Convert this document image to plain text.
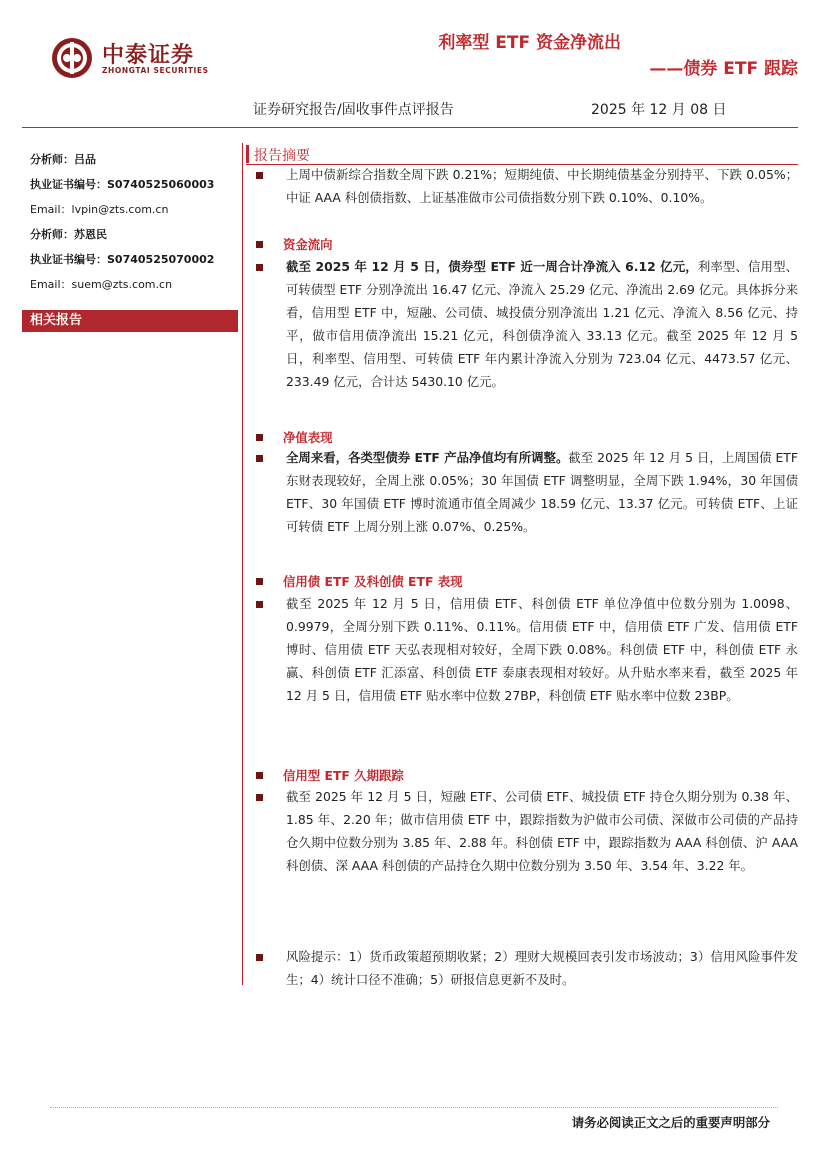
中泰证券
ZHONGTAI SECURITIES
利率型 ETF 资金净流出
——债券 ETF 跟踪
证券研究报告/固收事件点评报告	2025 年 12 月 08 日
分析师：吕品
执业证书编号：S0740525060003
Email：lvpin@zts.com.cn
分析师：苏恩民
执业证书编号：S0740525070002
Email：suem@zts.com.cn
相关报告
报告摘要
上周中债新综合指数全周下跌 0.21%；短期纯债、中长期纯债基金分别持平、下跌 0.05%；中证 AAA 科创债指数、上证基准做市公司债指数分别下跌 0.10%、0.10%。
资金流向
截至 2025 年 12 月 5 日，债券型 ETF 近一周合计净流入 6.12 亿元，利率型、信用型、可转债型 ETF 分别净流出 16.47 亿元、净流入 25.29 亿元、净流出 2.69 亿元。具体拆分来看，信用型 ETF 中，短融、公司债、城投债分别净流出 1.21 亿元、净流入 8.56 亿元、持平，做市信用债净流出 15.21 亿元，科创债净流入 33.13 亿元。截至 2025 年 12 月 5 日，利率型、信用型、可转债 ETF 年内累计净流入分别为 723.04 亿元、4473.57 亿元、233.49 亿元，合计达 5430.10 亿元。
净值表现
全周来看，各类型债券 ETF 产品净值均有所调整。截至 2025 年 12 月 5 日，上周国债 ETF 东财表现较好，全周上涨 0.05%；30 年国债 ETF 调整明显，全周下跌 1.94%，30 年国债 ETF、30 年国债 ETF 博时流通市值全周减少 18.59 亿元、13.37 亿元。可转债 ETF、上证可转债 ETF 上周分别上涨 0.07%、0.25%。
信用债 ETF 及科创债 ETF 表现
截至 2025 年 12 月 5 日，信用债 ETF、科创债 ETF 单位净值中位数分别为 1.0098、0.9979，全周分别下跌 0.11%、0.11%。信用债 ETF 中，信用债 ETF 广发、信用债 ETF 博时、信用债 ETF 天弘表现相对较好，全周下跌 0.08%。科创债 ETF 中，科创债 ETF 永赢、科创债 ETF 汇添富、科创债 ETF 泰康表现相对较好。从升贴水率来看，截至 2025 年 12 月 5 日，信用债 ETF 贴水率中位数 27BP，科创债 ETF 贴水率中位数 23BP。
信用型 ETF 久期跟踪
截至 2025 年 12 月 5 日，短融 ETF、公司债 ETF、城投债 ETF 持仓久期分别为 0.38 年、1.85 年、2.20 年；做市信用债 ETF 中，跟踪指数为沪做市公司债、深做市公司债的产品持仓久期中位数分别为 3.85 年、2.88 年。科创债 ETF 中，跟踪指数为 AAA 科创债、沪 AAA 科创债、深 AAA 科创债的产品持仓久期中位数分别为 3.50 年、3.54 年、3.22 年。
风险提示：1）货币政策超预期收紧；2）理财大规模回表引发市场波动；3）信用风险事件发生；4）统计口径不准确；5）研报信息更新不及时。
请务必阅读正文之后的重要声明部分
